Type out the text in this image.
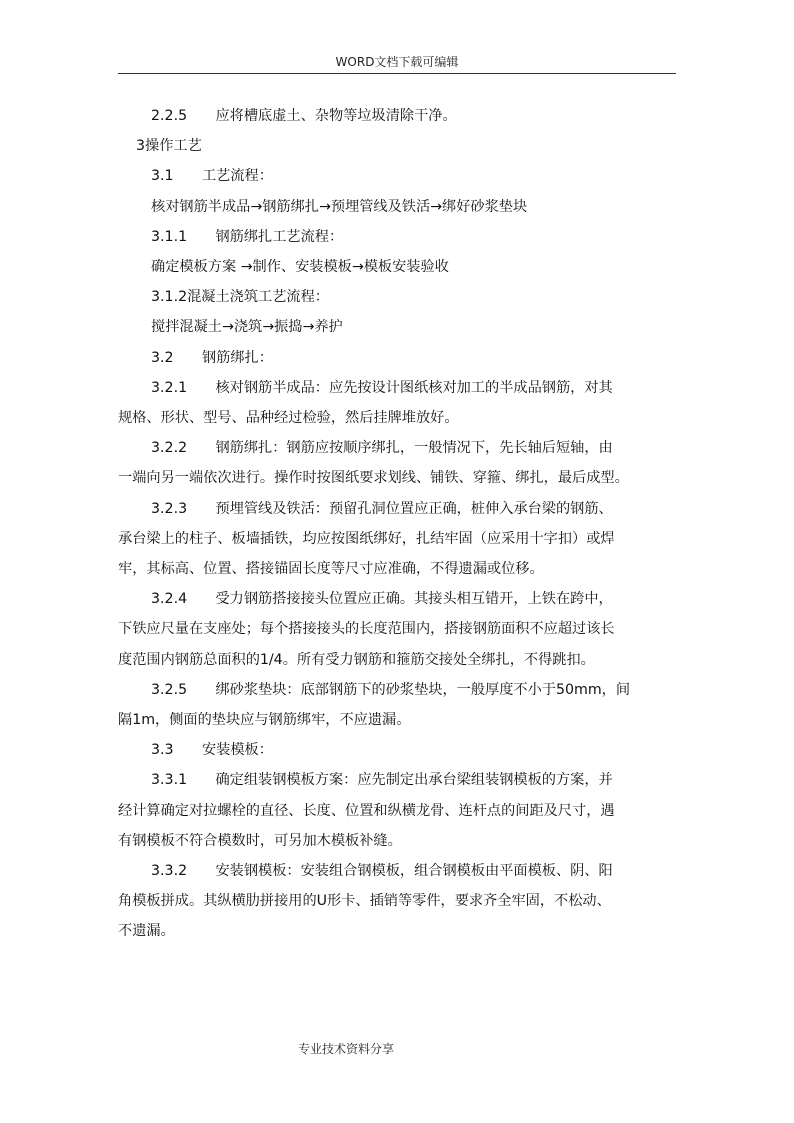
WORD文档下载可编辑

2.2.5　　应将槽底虚土、杂物等垃圾清除干净。

3操作工艺

3.1　　工艺流程：

核对钢筋半成品→钢筋绑扎→预埋管线及铁活→绑好砂浆垫块

3.1.1　　钢筋绑扎工艺流程：

确定模板方案 →制作、安装模板→模板安装验收

3.1.2混凝土浇筑工艺流程：

搅拌混凝土→浇筑→振捣→养护

3.2　　钢筋绑扎：

3.2.1　　核对钢筋半成品：应先按设计图纸核对加工的半成品钢筋，对其

规格、形状、型号、品种经过检验，然后挂牌堆放好。

3.2.2　　钢筋绑扎：钢筋应按顺序绑扎，一般情况下，先长轴后短轴，由

一端向另一端依次进行。操作时按图纸要求划线、铺铁、穿箍、绑扎，最后成型。

3.2.3　　预埋管线及铁活：预留孔洞位置应正确，桩伸入承台梁的钢筋、

承台梁上的柱子、板墙插铁，均应按图纸绑好，扎结牢固（应采用十字扣）或焊

牢，其标高、位置、搭接锚固长度等尺寸应准确，不得遗漏或位移。

3.2.4　　受力钢筋搭接接头位置应正确。其接头相互错开，上铁在跨中，

下铁应尺量在支座处；每个搭接接头的长度范围内，搭接钢筋面积不应超过该长

度范围内钢筋总面积的1/4。所有受力钢筋和箍筋交接处全绑扎，不得跳扣。

3.2.5　　绑砂浆垫块：底部钢筋下的砂浆垫块，一般厚度不小于50mm，间

隔1m，侧面的垫块应与钢筋绑牢，不应遗漏。

3.3　　安装模板：

3.3.1　　确定组装钢模板方案：应先制定出承台梁组装钢模板的方案，并

经计算确定对拉螺栓的直径、长度、位置和纵横龙骨、连杆点的间距及尺寸，遇

有钢模板不符合模数时，可另加木模板补缝。

3.3.2　　安装钢模板：安装组合钢模板，组合钢模板由平面模板、阴、阳

角模板拼成。其纵横肋拼接用的U形卡、插销等零件，要求齐全牢固，不松动、

不遗漏。

专业技术资料分享
